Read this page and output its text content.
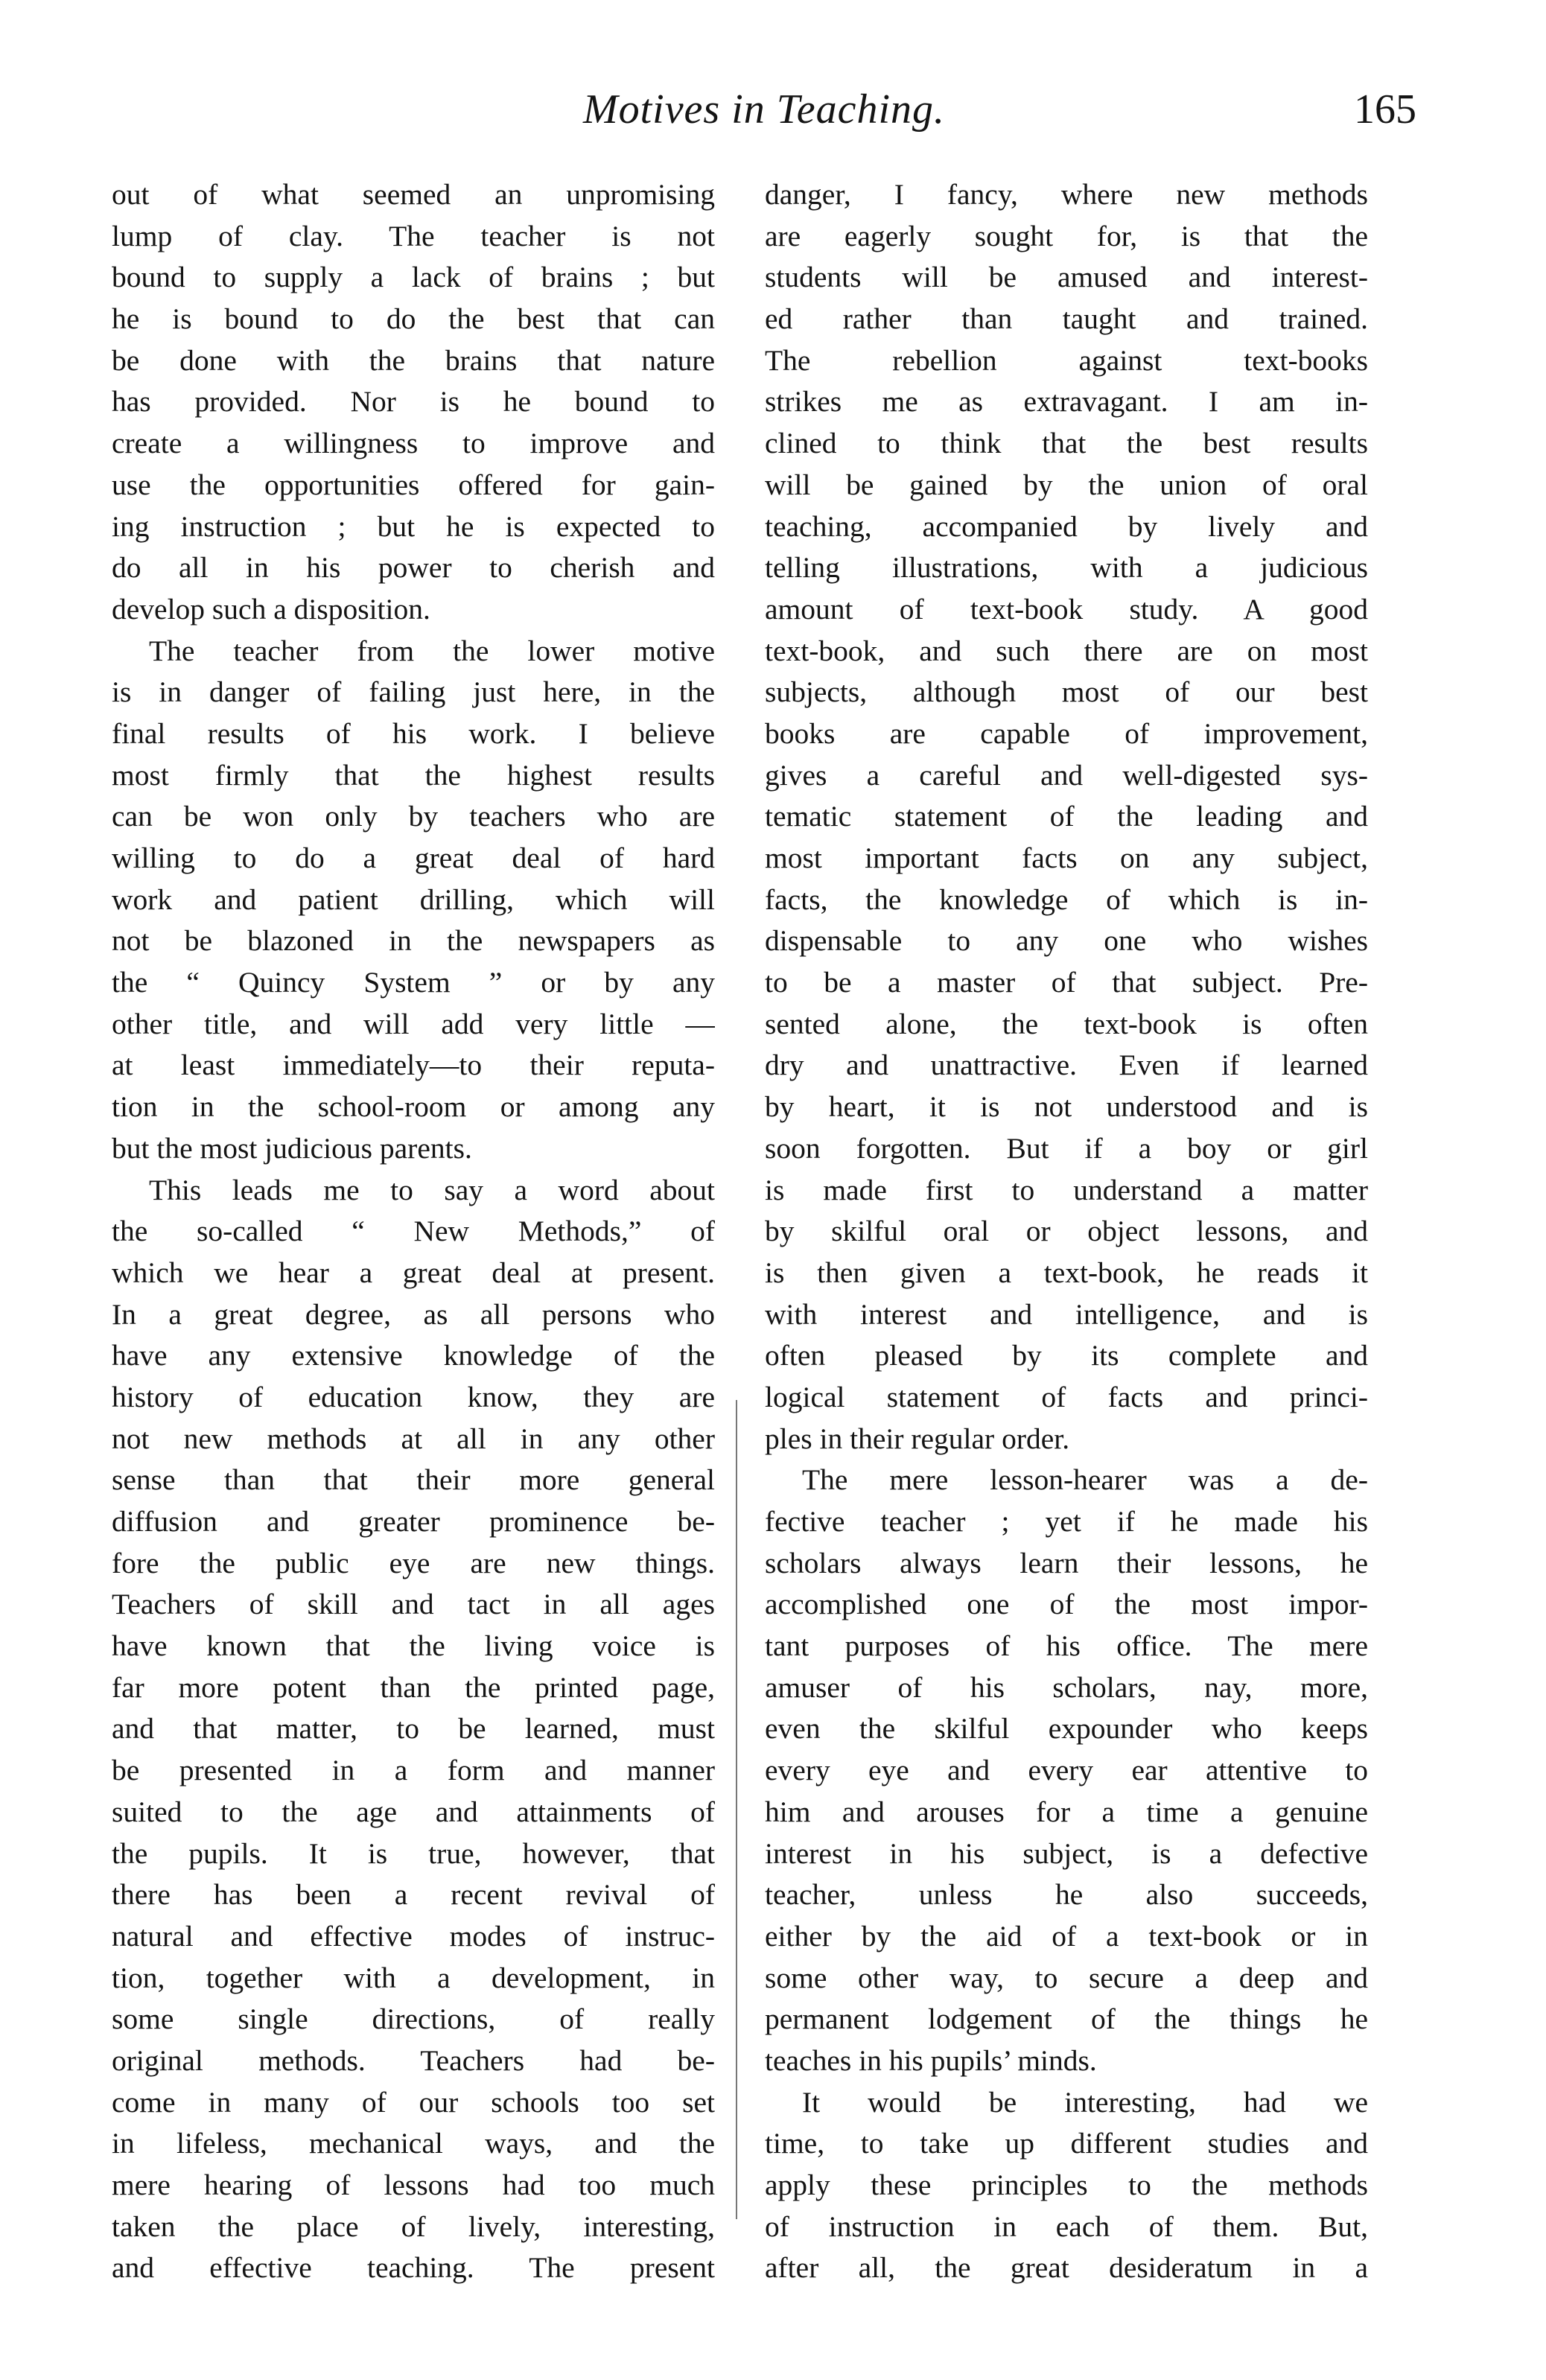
Motives in Teaching.	165
out of what seemed an unpromising
lump of clay. The teacher is not
bound to supply a lack of brains ; but
he is bound to do the best that can
be done with the brains that nature
has provided. Nor is he bound to
create a willingness to improve and
use the opportunities offered for gain-
ing instruction ; but he is expected to
do all in his power to cherish and
develop such a disposition.
The teacher from the lower motive
is in danger of failing just here, in the
final results of his work. I believe
most firmly that the highest results
can be won only by teachers who are
willing to do a great deal of hard
work and patient drilling, which will
not be blazoned in the newspapers as
the “ Quincy System ” or by any
other title, and will add very little —
at least immediately—to their reputa-
tion in the school-room or among any
but the most judicious parents.
This leads me to say a word about
the so-called “ New Methods,” of
which we hear a great deal at present.
In a great degree, as all persons who
have any extensive knowledge of the
history of education know, they are
not new methods at all in any other
sense than that their more general
diffusion and greater prominence be-
fore the public eye are new things.
Teachers of skill and tact in all ages
have known that the living voice is
far more potent than the printed page,
and that matter, to be learned, must
be presented in a form and manner
suited to the age and attainments of
the pupils. It is true, however, that
there has been a recent revival of
natural and effective modes of instruc-
tion, together with a development, in
some single directions, of really
original methods. Teachers had be-
come in many of our schools too set
in lifeless, mechanical ways, and the
mere hearing of lessons had too much
taken the place of lively, interesting,
and effective teaching. The present
danger, I fancy, where new methods
are eagerly sought for, is that the
students will be amused and interest-
ed rather than taught and trained.
The rebellion against text-books
strikes me as extravagant. I am in-
clined to think that the best results
will be gained by the union of oral
teaching, accompanied by lively and
telling illustrations, with a judicious
amount of text-book study. A good
text-book, and such there are on most
subjects, although most of our best
books are capable of improvement,
gives a careful and well-digested sys-
tematic statement of the leading and
most important facts on any subject,
facts, the knowledge of which is in-
dispensable to any one who wishes
to be a master of that subject. Pre-
sented alone, the text-book is often
dry and unattractive. Even if learned
by heart, it is not understood and is
soon forgotten. But if a boy or girl
is made first to understand a matter
by skilful oral or object lessons, and
is then given a text-book, he reads it
with interest and intelligence, and is
often pleased by its complete and
logical statement of facts and princi-
ples in their regular order.
The mere lesson-hearer was a de-
fective teacher ; yet if he made his
scholars always learn their lessons, he
accomplished one of the most impor-
tant purposes of his office. The mere
amuser of his scholars, nay, more,
even the skilful expounder who keeps
every eye and every ear attentive to
him and arouses for a time a genuine
interest in his subject, is a defective
teacher, unless he also succeeds,
either by the aid of a text-book or in
some other way, to secure a deep and
permanent lodgement of the things he
teaches in his pupils’ minds.
It would be interesting, had we
time, to take up different studies and
apply these principles to the methods
of instruction in each of them. But,
after all, the great desideratum in a
